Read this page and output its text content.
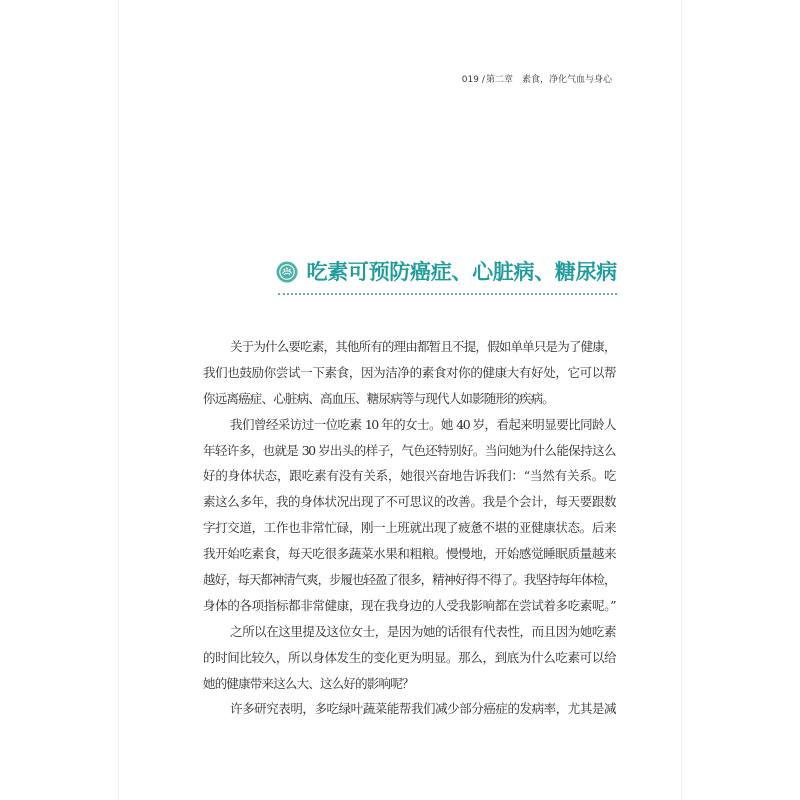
019 /第二章 素食，净化气血与身心
吃素可预防癌症、心脏病、糖尿病
关于为什么要吃素，其他所有的理由都暂且不提，假如单单只是为了健康，
我们也鼓励你尝试一下素食，因为洁净的素食对你的健康大有好处，它可以帮
你远离癌症、心脏病、高血压、糖尿病等与现代人如影随形的疾病。
我们曾经采访过一位吃素 10 年的女士。她 40 岁，看起来明显要比同龄人
年轻许多，也就是 30 岁出头的样子，气色还特别好。当问她为什么能保持这么
好的身体状态，跟吃素有没有关系，她很兴奋地告诉我们：“当然有关系。吃
素这么多年，我的身体状况出现了不可思议的改善。我是个会计，每天要跟数
字打交道，工作也非常忙碌，刚一上班就出现了疲惫不堪的亚健康状态。后来
我开始吃素食，每天吃很多蔬菜水果和粗粮。慢慢地，开始感觉睡眠质量越来
越好，每天都神清气爽，步履也轻盈了很多，精神好得不得了。我坚持每年体检，
身体的各项指标都非常健康，现在我身边的人受我影响都在尝试着多吃素呢。”
之所以在这里提及这位女士，是因为她的话很有代表性，而且因为她吃素
的时间比较久，所以身体发生的变化更为明显。那么，到底为什么吃素可以给
她的健康带来这么大、这么好的影响呢？
许多研究表明，多吃绿叶蔬菜能帮我们减少部分癌症的发病率，尤其是减
